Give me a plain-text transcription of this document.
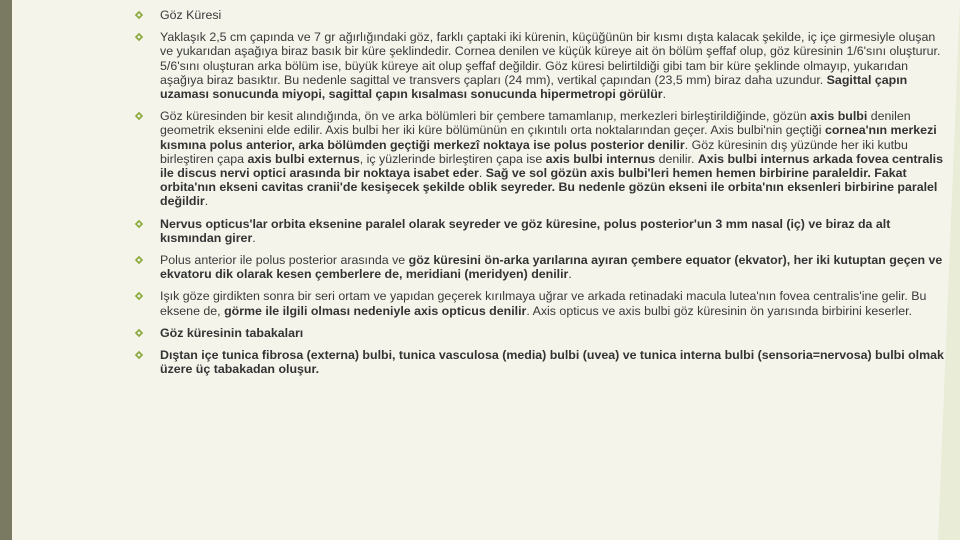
Göz Küresi
Yaklaşık 2,5 cm çapında ve 7 gr ağırlığındaki göz, farklı çaptaki iki kürenin, küçüğünün bir kısmı dışta kalacak şekilde, iç içe girmesiyle oluşan ve yukarıdan aşağıya biraz basık bir küre şeklindedir. Cornea denilen ve küçük küreye ait ön bölüm şeffaf olup, göz küresinin 1/6'sını oluşturur. 5/6'sını oluşturan arka bölüm ise, büyük küreye ait olup şeffaf değildir. Göz küresi belirtildiği gibi tam bir küre şeklinde olmayıp, yukarıdan aşağıya biraz basıktır. Bu nedenle sagittal ve transvers çapları (24 mm), vertikal çapından (23,5 mm) biraz daha uzundur. Sagittal çapın uzaması sonucunda miyopi, sagittal çapın kısalması sonucunda hipermetropi görülür.
Göz küresinden bir kesit alındığında, ön ve arka bölümleri bir çembere tamamlanıp, merkezleri birleştirildiğinde, gözün axis bulbi denilen geometrik eksenini elde edilir. Axis bulbi her iki küre bölümünün en çıkıntılı orta noktalarından geçer. Axis bulbi'nin geçtiği cornea'nın merkezi kısmına polus anterior, arka bölümden geçtiği merkezî noktaya ise polus posterior denilir. Göz küresinin dış yüzünde her iki kutbu birleştiren çapa axis bulbi externus, iç yüzlerinde birleştiren çapa ise axis bulbi internus denilir. Axis bulbi internus arkada fovea centralis ile discus nervi optici arasında bir noktaya isabet eder. Sağ ve sol gözün axis bulbi'leri hemen hemen birbirine paraleldir. Fakat orbita'nın ekseni cavitas cranii'de kesişecek şekilde oblik seyreder. Bu nedenle gözün ekseni ile orbita'nın eksenleri birbirine paralel değildir.
Nervus opticus'lar orbita eksenine paralel olarak seyreder ve göz küresine, polus posterior'un 3 mm nasal (iç) ve biraz da alt kısmından girer.
Polus anterior ile polus posterior arasında ve göz küresini ön-arka yarılarına ayıran çembere equator (ekvator), her iki kutuptan geçen ve ekvatoru dik olarak kesen çemberlere de, meridiani (meridyen) denilir.
Işık göze girdikten sonra bir seri ortam ve yapıdan geçerek kırılmaya uğrar ve arkada retinadaki macula lutea'nın fovea centralis'ine gelir. Bu eksene de, görme ile ilgili olması nedeniyle axis opticus denilir. Axis opticus ve axis bulbi göz küresinin ön yarısında birbirini keserler.
Göz küresinin tabakaları
Dıştan içe tunica fibrosa (externa) bulbi, tunica vasculosa (media) bulbi (uvea) ve tunica interna bulbi (sensoria=nervosa) bulbi olmak üzere üç tabakadan oluşur.
